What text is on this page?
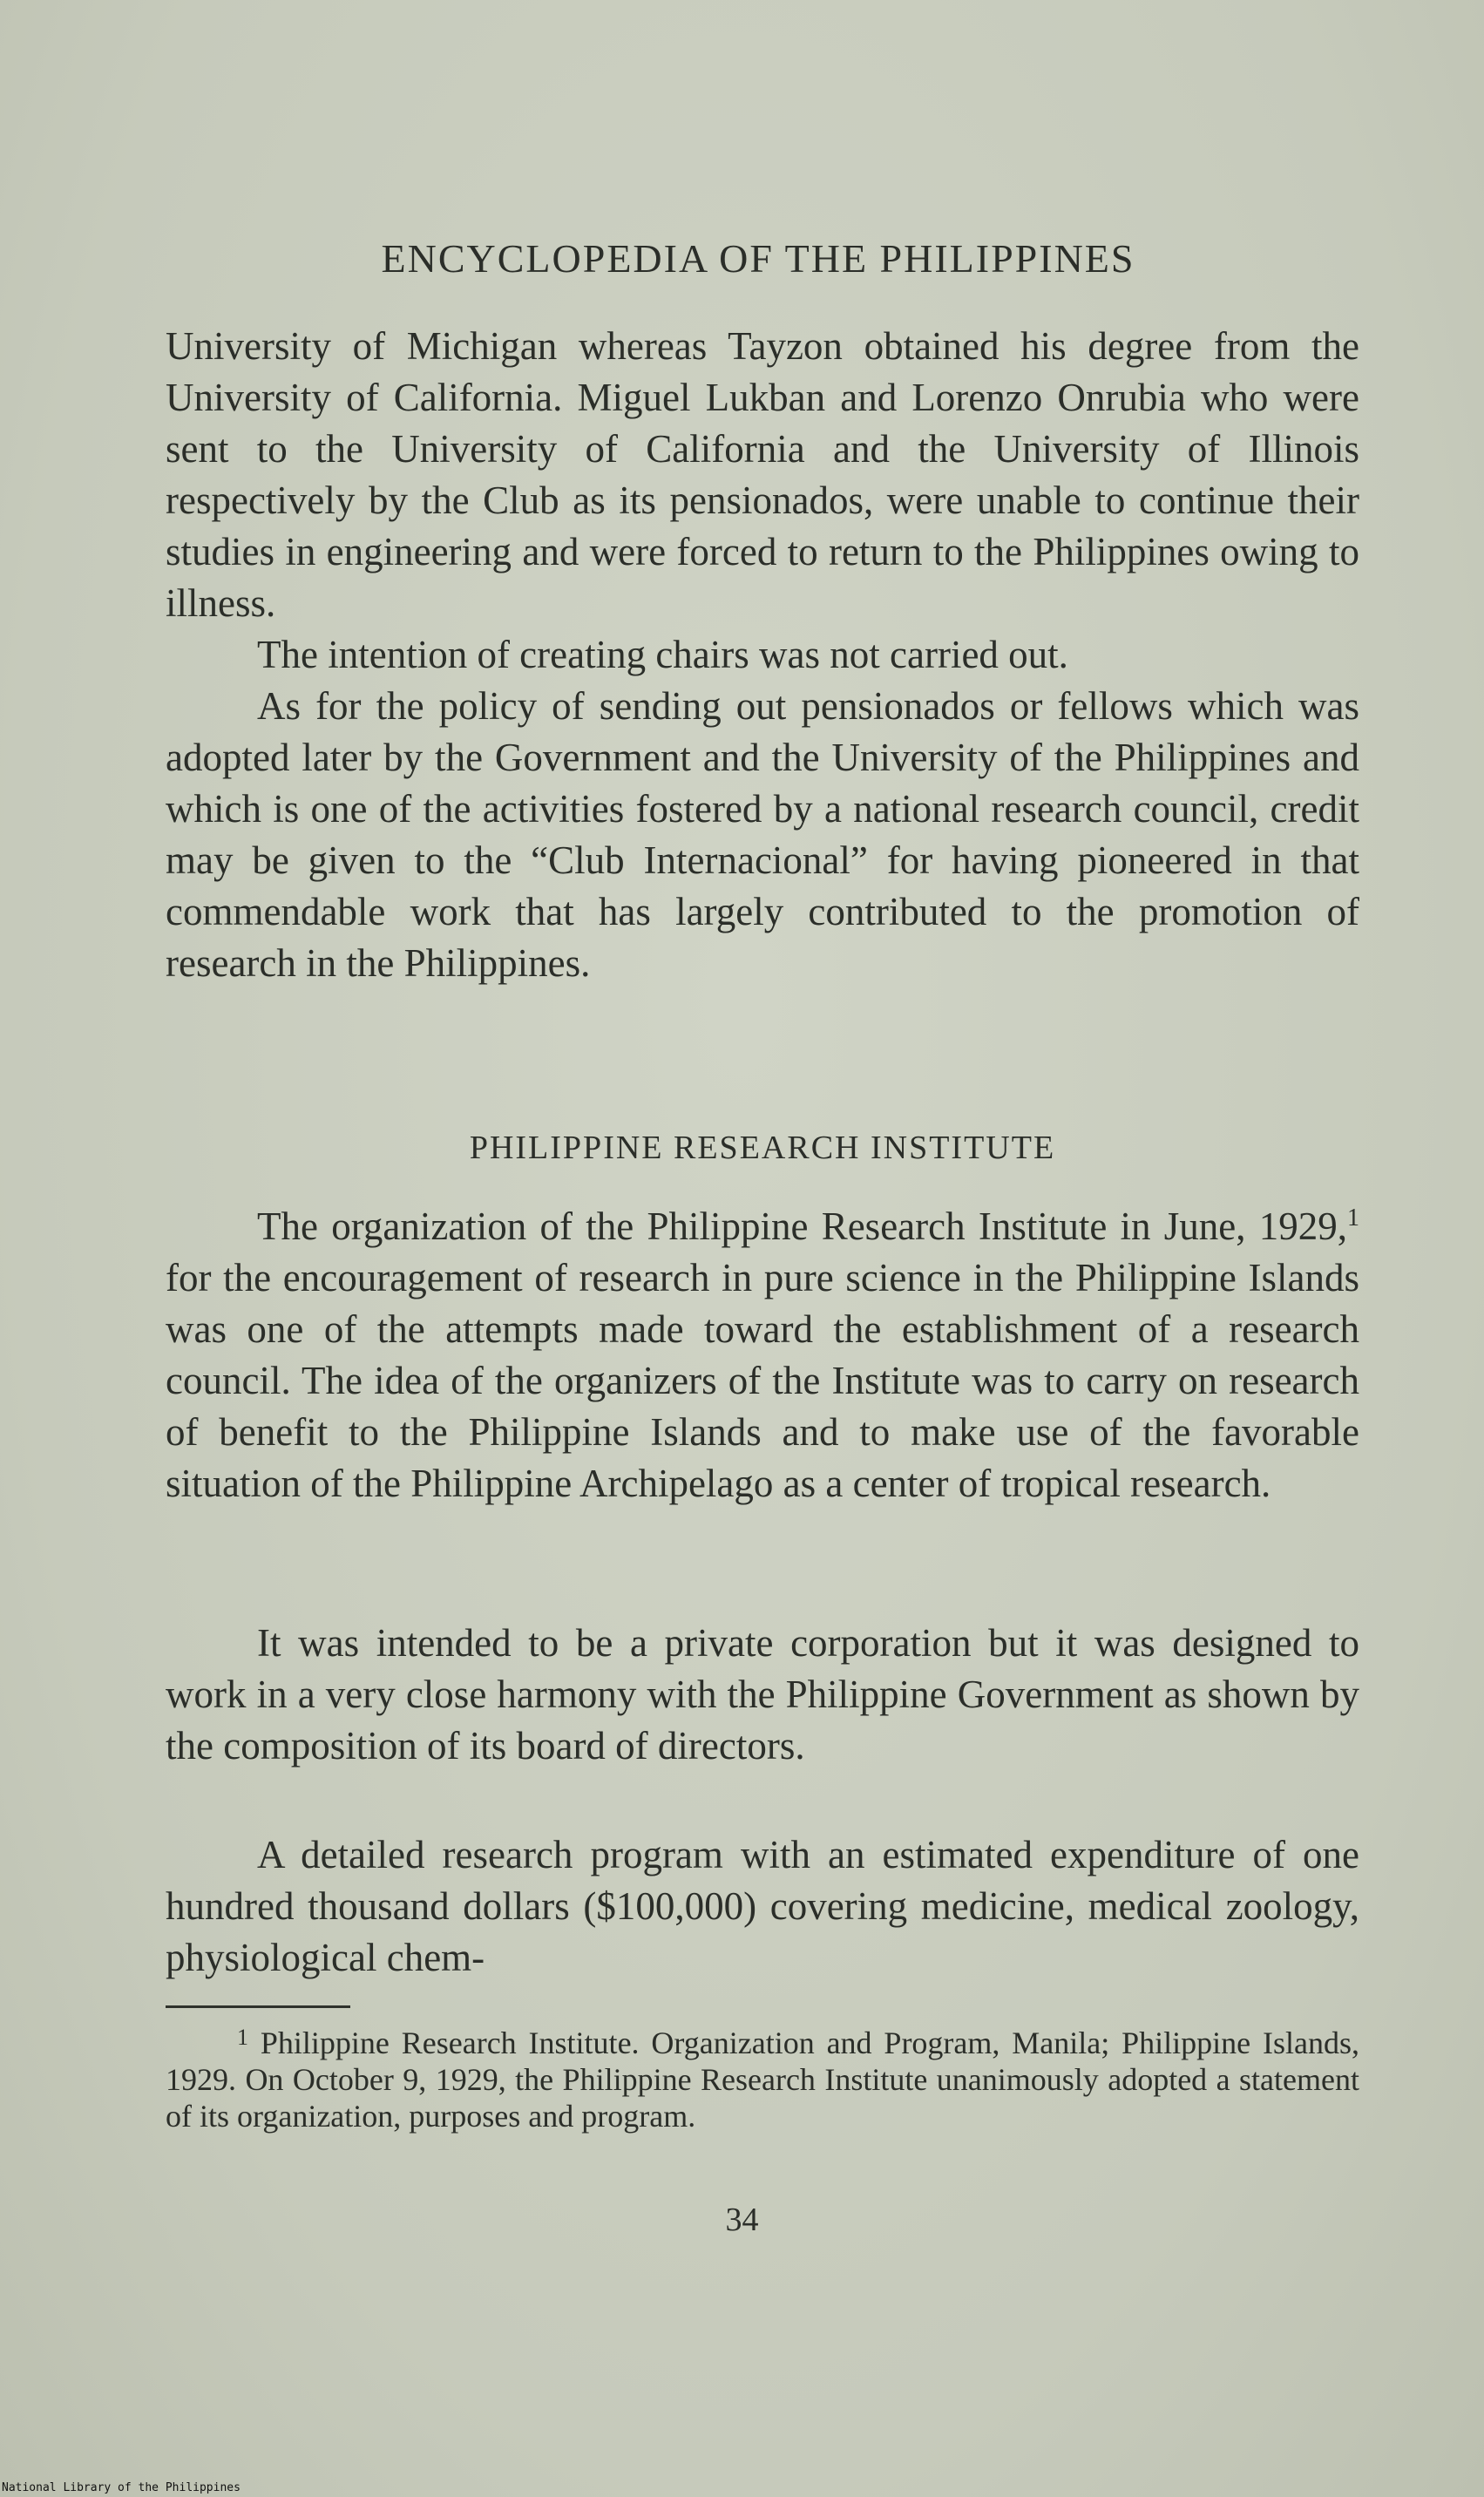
ENCYCLOPEDIA OF THE PHILIPPINES

University of Michigan whereas Tayzon obtained his degree from the University of California. Miguel Lukban and Lorenzo Onrubia who were sent to the University of California and the University of Illinois respectively by the Club as its pensionados, were unable to continue their studies in engineering and were forced to return to the Philippines owing to illness.

The intention of creating chairs was not carried out.

As for the policy of sending out pensionados or fellows which was adopted later by the Government and the University of the Philippines and which is one of the activities fostered by a national research council, credit may be given to the “Club Internacional” for having pioneered in that commendable work that has largely contributed to the promotion of research in the Philippines.

PHILIPPINE RESEARCH INSTITUTE

The organization of the Philippine Research Institute in June, 1929,$^1$ for the encouragement of research in pure science in the Philippine Islands was one of the attempts made toward the establishment of a research council. The idea of the organizers of the Institute was to carry on research of benefit to the Philippine Islands and to make use of the favorable situation of the Philippine Archipelago as a center of tropical research.

It was intended to be a private corporation but it was designed to work in a very close harmony with the Philippine Government as shown by the composition of its board of directors.

A detailed research program with an estimated expenditure of one hundred thousand dollars ($100,000) covering medicine, medical zoology, physiological chem-

$^1$ Philippine Research Institute. Organization and Program, Manila; Philippine Islands, 1929. On October 9, 1929, the Philippine Research Institute unanimously adopted a statement of its organization, purposes and program.

34
National Library of the Philippines
